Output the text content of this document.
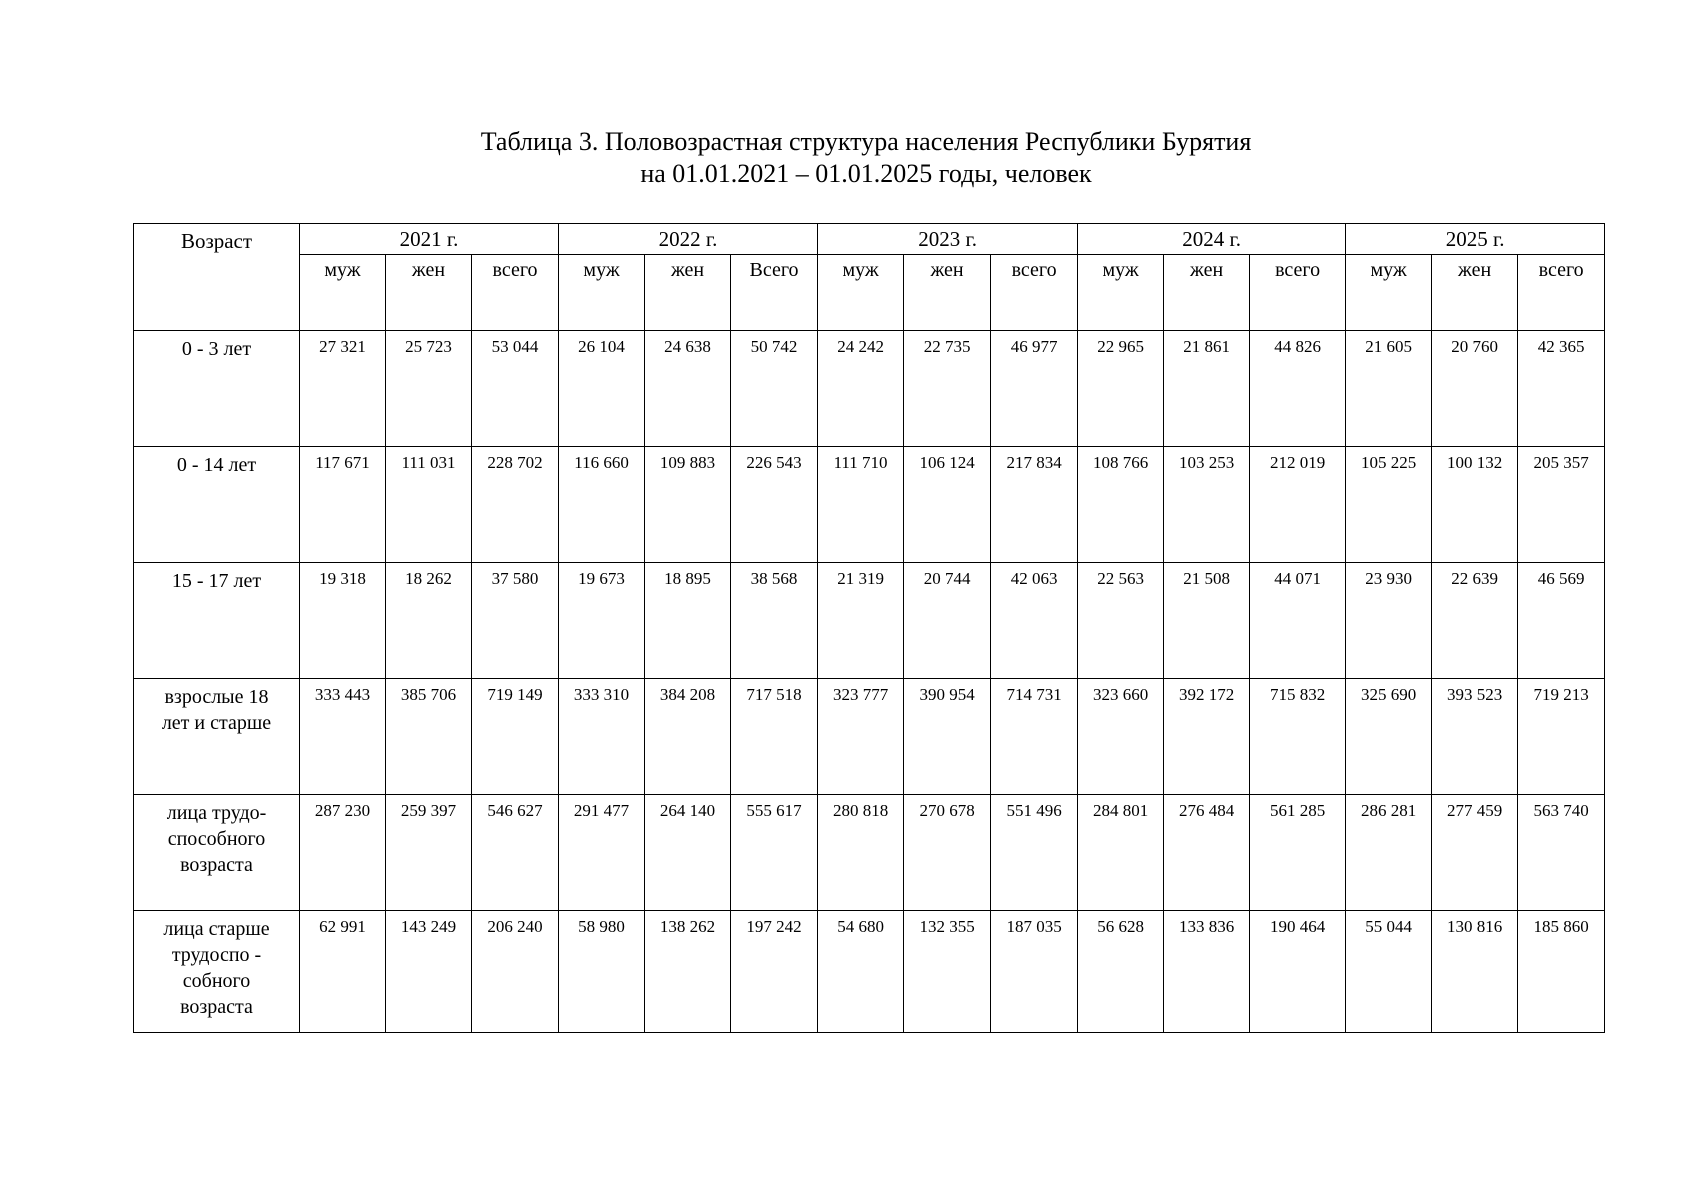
Таблица 3. Половозрастная структура населения Республики Бурятия
на 01.01.2021 – 01.01.2025 годы, человек
Возраст	2021 г.			2022 г.			2023 г.			2024 г.			2025 г.		
	муж	жен	всего	муж	жен	Всего	муж	жен	всего	муж	жен	всего	муж	жен	всего

0 - 3 лет	27 321	25 723	53 044	26 104	24 638	50 742	24 242	22 735	46 977	22 965	21 861	44 826	21 605	20 760	42 365

0 - 14 лет	117 671	111 031	228 702	116 660	109 883	226 543	111 710	106 124	217 834	108 766	103 253	212 019	105 225	100 132	205 357

15 - 17 лет	19 318	18 262	37 580	19 673	18 895	38 568	21 319	20 744	42 063	22 563	21 508	44 071	23 930	22 639	46 569

взрослые 18
лет и старше	333 443	385 706	719 149	333 310	384 208	717 518	323 777	390 954	714 731	323 660	392 172	715 832	325 690	393 523	719 213

лица трудо-
способного
возраста	287 230	259 397	546 627	291 477	264 140	555 617	280 818	270 678	551 496	284 801	276 484	561 285	286 281	277 459	563 740

лица старше
трудоспо -
собного
возраста	62 991	143 249	206 240	58 980	138 262	197 242	54 680	132 355	187 035	56 628	133 836	190 464	55 044	130 816	185 860
